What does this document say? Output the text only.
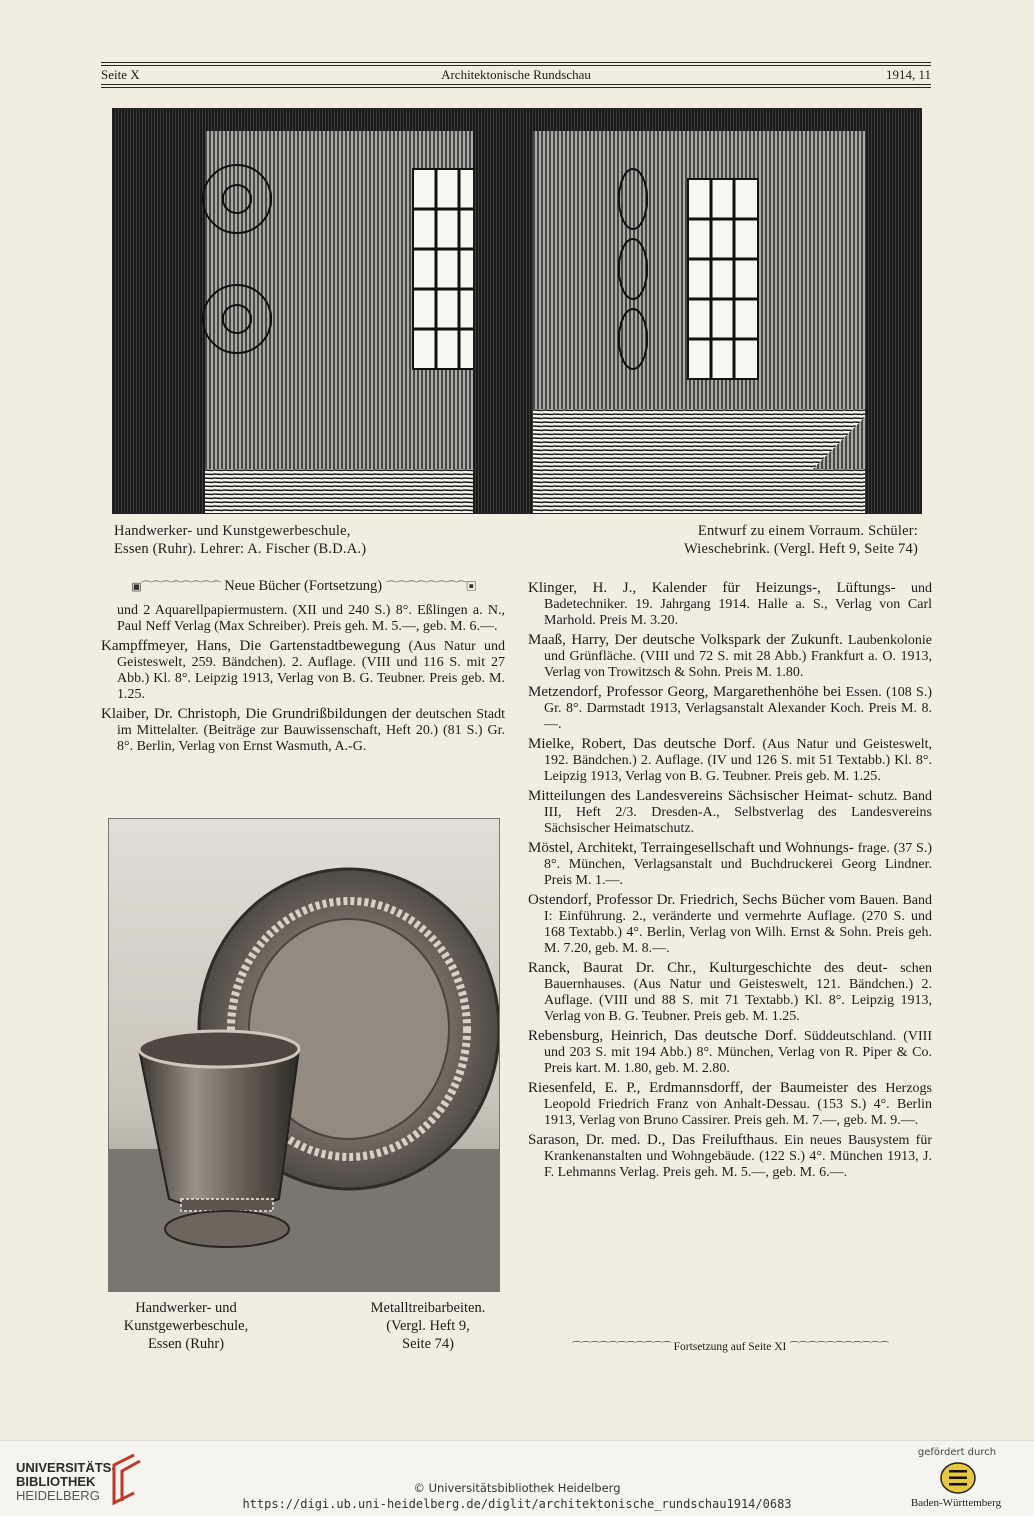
Seite X	Architektonische Rundschau	1914, 11
Handwerker- und Kunstgewerbeschule,
Essen (Ruhr). Lehrer: A. Fischer (B.D.A.)
Entwurf zu einem Vorraum. Schüler:
Wieschebrink. (Vergl. Heft 9, Seite 74)
▣⌒⌒⌒⌒⌒⌒⌒⌒ Neue Bücher (Fortsetzung) ⌒⌒⌒⌒⌒⌒⌒⌒▣

und 2 Aquarellpapiermustern. (XII und 240 S.) 8°. Eßlingen a. N., Paul Neff Verlag (Max Schreiber). Preis geh. M. 5.—, geb. M. 6.—.

Kampffmeyer, Hans, Die Gartenstadtbewegung (Aus Natur und Geisteswelt, 259. Bändchen). 2. Auflage. (VIII und 116 S. mit 27 Abb.) Kl. 8°. Leipzig 1913, Verlag von B. G. Teubner. Preis geb. M. 1.25.

Klaiber, Dr. Christoph, Die Grundrißbildungen der deutschen Stadt im Mittelalter. (Beiträge zur Bauwissenschaft, Heft 20.) (81 S.) Gr. 8°. Berlin, Verlag von Ernst Wasmuth, A.-G.

Handwerker- und
Kunstgewerbeschule,
Essen (Ruhr)
Metalltreibarbeiten.
(Vergl. Heft 9,
Seite 74)

Klinger, H. J., Kalender für Heizungs-, Lüftungs- und Badetechniker. 19. Jahrgang 1914. Halle a. S., Verlag von Carl Marhold. Preis M. 3.20.

Maaß, Harry, Der deutsche Volkspark der Zukunft. Laubenkolonie und Grünfläche. (VIII und 72 S. mit 28 Abb.) Frankfurt a. O. 1913, Verlag von Trowitzsch & Sohn. Preis M. 1.80.

Metzendorf, Professor Georg, Margarethenhöhe bei Essen. (108 S.) Gr. 8°. Darmstadt 1913, Verlagsanstalt Alexander Koch. Preis M. 8.—.

Mielke, Robert, Das deutsche Dorf. (Aus Natur und Geisteswelt, 192. Bändchen.) 2. Auflage. (IV und 126 S. mit 51 Textabb.) Kl. 8°. Leipzig 1913, Verlag von B. G. Teubner. Preis geb. M. 1.25.

Mitteilungen des Landesvereins Sächsischer Heimat- schutz. Band III, Heft 2/3. Dresden-A., Selbstverlag des Landesvereins Sächsischer Heimatschutz.

Möstel, Architekt, Terraingesellschaft und Wohnungs- frage. (37 S.) 8°. München, Verlagsanstalt und Buchdruckerei Georg Lindner. Preis M. 1.—.

Ostendorf, Professor Dr. Friedrich, Sechs Bücher vom Bauen. Band I: Einführung. 2., veränderte und vermehrte Auflage. (270 S. und 168 Textabb.) 4°. Berlin, Verlag von Wilh. Ernst & Sohn. Preis geh. M. 7.20, geb. M. 8.—.

Ranck, Baurat Dr. Chr., Kulturgeschichte des deut- schen Bauernhauses. (Aus Natur und Geisteswelt, 121. Bändchen.) 2. Auflage. (VIII und 88 S. mit 71 Textabb.) Kl. 8°. Leipzig 1913, Verlag von B. G. Teubner. Preis geb. M. 1.25.

Rebensburg, Heinrich, Das deutsche Dorf. Süddeutschland. (VIII und 203 S. mit 194 Abb.) 8°. München, Verlag von R. Piper & Co. Preis kart. M. 1.80, geb. M. 2.80.

Riesenfeld, E. P., Erdmannsdorff, der Baumeister des Herzogs Leopold Friedrich Franz von Anhalt-Dessau. (153 S.) 4°. Berlin 1913, Verlag von Bruno Cassirer. Preis geh. M. 7.—, geb. M. 9.—.

Sarason, Dr. med. D., Das Freilufthaus. Ein neues Bausystem für Krankenanstalten und Wohngebäude. (122 S.) 4°. München 1913, J. F. Lehmanns Verlag. Preis geh. M. 5.—, geb. M. 6.—.

⌒⌒⌒⌒⌒⌒⌒⌒⌒⌒⌒ Fortsetzung auf Seite XI ⌒⌒⌒⌒⌒⌒⌒⌒⌒⌒⌒
UNIVERSITÄTS-
BIBLIOTHEK
HEIDELBERG	© Universitätsbibliothek Heidelberg
https://digi.ub.uni-heidelberg.de/diglit/architektonische_rundschau1914/0683
gefördert durch
Baden-Württemberg
